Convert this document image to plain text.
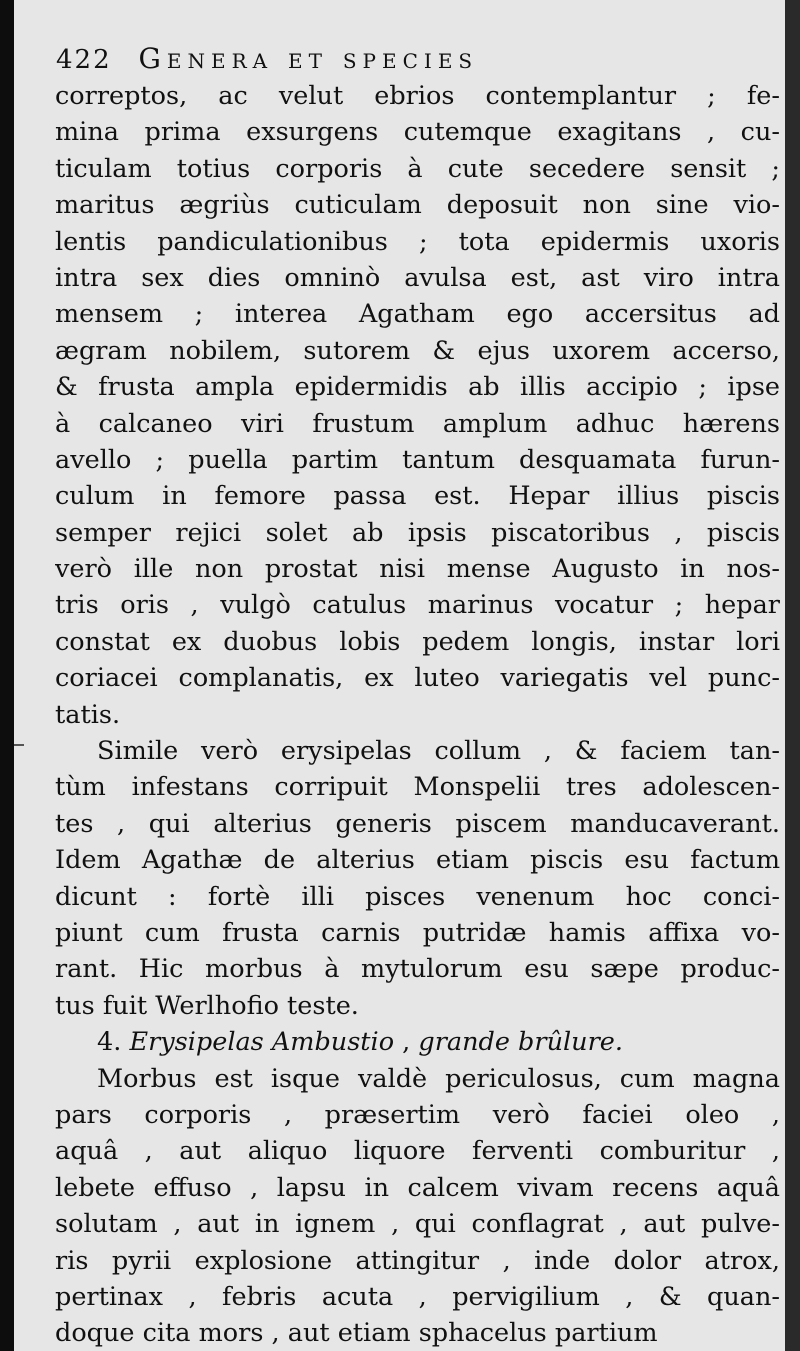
422 Genera et species
correptos, ac velut ebrios contemplantur ; fe-
mina prima exsurgens cutemque exagitans , cu-
ticulam totius corporis à cute secedere sensit ;
maritus ægriùs cuticulam deposuit non sine vio-
lentis pandiculationibus ; tota epidermis uxoris
intra sex dies omninò avulsa est, ast viro intra
mensem ; interea Agatham ego accersitus ad
ægram nobilem, sutorem & ejus uxorem accerso,
& frusta ampla epidermidis ab illis accipio ; ipse
à calcaneo viri frustum amplum adhuc hærens
avello ; puella partim tantum desquamata furun-
culum in femore passa est. Hepar illius piscis
semper rejici solet ab ipsis piscatoribus , piscis
verò ille non prostat nisi mense Augusto in nos-
tris oris , vulgò catulus marinus vocatur ; hepar
constat ex duobus lobis pedem longis, instar lori
coriacei complanatis, ex luteo variegatis vel punc-
tatis.
Simile verò erysipelas collum , & faciem tan-
tùm infestans corripuit Monspelii tres adolescen-
tes , qui alterius generis piscem manducaverant.
Idem Agathæ de alterius etiam piscis esu factum
dicunt : fortè illi pisces venenum hoc conci-
piunt cum frusta carnis putridæ hamis affixa vo-
rant. Hic morbus à mytulorum esu sæpe produc-
tus fuit Werlhofio teste.
4. Erysipelas Ambustio , grande brûlure.
Morbus est isque valdè periculosus, cum magna
pars corporis , præsertim verò faciei oleo ,
aquâ , aut aliquo liquore ferventi comburitur ,
lebete effuso , lapsu in calcem vivam recens aquâ
solutam , aut in ignem , qui conflagrat , aut pulve-
ris pyrii explosione attingitur , inde dolor atrox,
pertinax , febris acuta , pervigilium , & quan-
doque cita mors , aut etiam sphacelus partium
